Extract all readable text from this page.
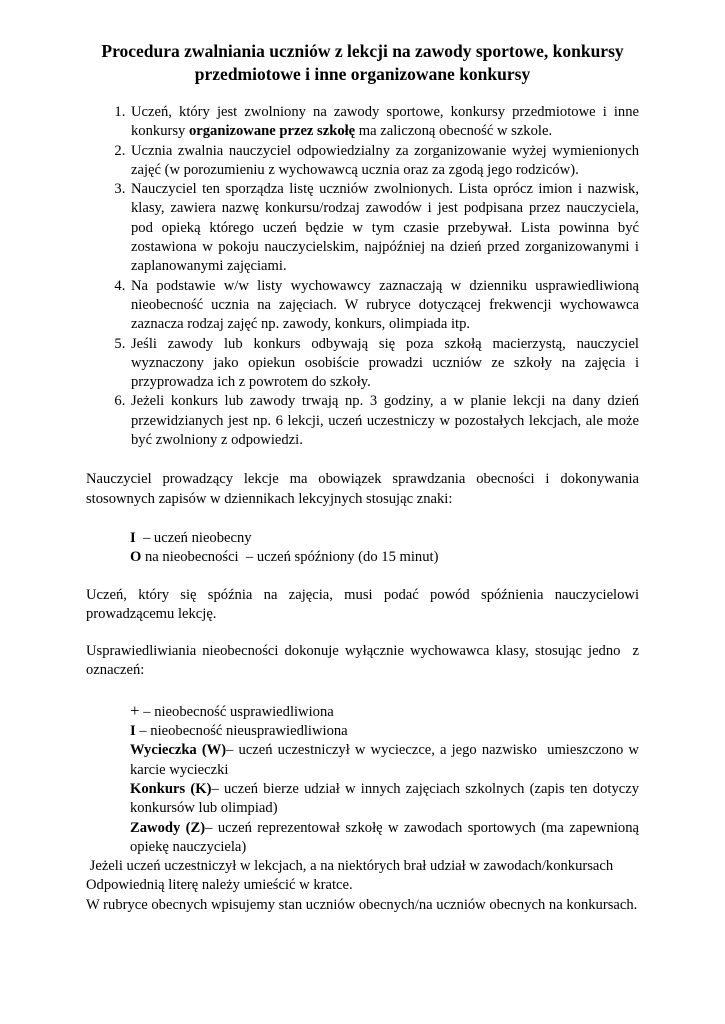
Procedura zwalniania uczniów z lekcji na zawody sportowe, konkursy
przedmiotowe i inne organizowane konkursy
1. Uczeń, który jest zwolniony na zawody sportowe, konkursy przedmiotowe i inne konkursy organizowane przez szkołę ma zaliczoną obecność w szkole.
2. Ucznia zwalnia nauczyciel odpowiedzialny za zorganizowanie wyżej wymienionych zajęć (w porozumieniu z wychowawcą ucznia oraz za zgodą jego rodziców).
3. Nauczyciel ten sporządza listę uczniów zwolnionych. Lista oprócz imion i nazwisk, klasy, zawiera nazwę konkursu/rodzaj zawodów i jest podpisana przez nauczyciela, pod opieką którego uczeń będzie w tym czasie przebywał. Lista powinna być zostawiona w pokoju nauczycielskim, najpóźniej na dzień przed zorganizowanymi i zaplanowanymi zajęciami.
4. Na podstawie w/w listy wychowawcy zaznaczają w dzienniku usprawiedliwioną nieobecność ucznia na zajęciach. W rubryce dotyczącej frekwencji wychowawca zaznacza rodzaj zajęć np. zawody, konkurs, olimpiada itp.
5. Jeśli zawody lub konkurs odbywają się poza szkołą macierzystą, nauczyciel wyznaczony jako opiekun osobiście prowadzi uczniów ze szkoły na zajęcia i przyprowadza ich z powrotem do szkoły.
6. Jeżeli konkurs lub zawody trwają np. 3 godziny, a w planie lekcji na dany dzień przewidzianych jest np. 6 lekcji, uczeń uczestniczy w pozostałych lekcjach, ale może być zwolniony z odpowiedzi.

Nauczyciel prowadzący lekcje ma obowiązek sprawdzania obecności i dokonywania stosownych zapisów w dziennikach lekcyjnych stosując znaki:

I  – uczeń nieobecny
O na nieobecności  – uczeń spóźniony (do 15 minut)

Uczeń, który się spóźnia na zajęcia, musi podać powód spóźnienia nauczycielowi prowadzącemu lekcję.

Usprawiedliwiania nieobecności dokonuje wyłącznie wychowawca klasy, stosując jedno  z oznaczeń:

+ – nieobecność usprawiedliwiona
I – nieobecność nieusprawiedliwiona
Wycieczka (W)– uczeń uczestniczył w wycieczce, a jego nazwisko  umieszczono w karcie wycieczki
Konkurs (K)– uczeń bierze udział w innych zajęciach szkolnych (zapis ten dotyczy konkursów lub olimpiad)
Zawody (Z)– uczeń reprezentował szkołę w zawodach sportowych (ma zapewnioną opiekę nauczyciela)

Jeżeli uczeń uczestniczył w lekcjach, a na niektórych brał udział w zawodach/konkursach Odpowiednią literę należy umieścić w kratce.

W rubryce obecnych wpisujemy stan uczniów obecnych/na uczniów obecnych na konkursach.
